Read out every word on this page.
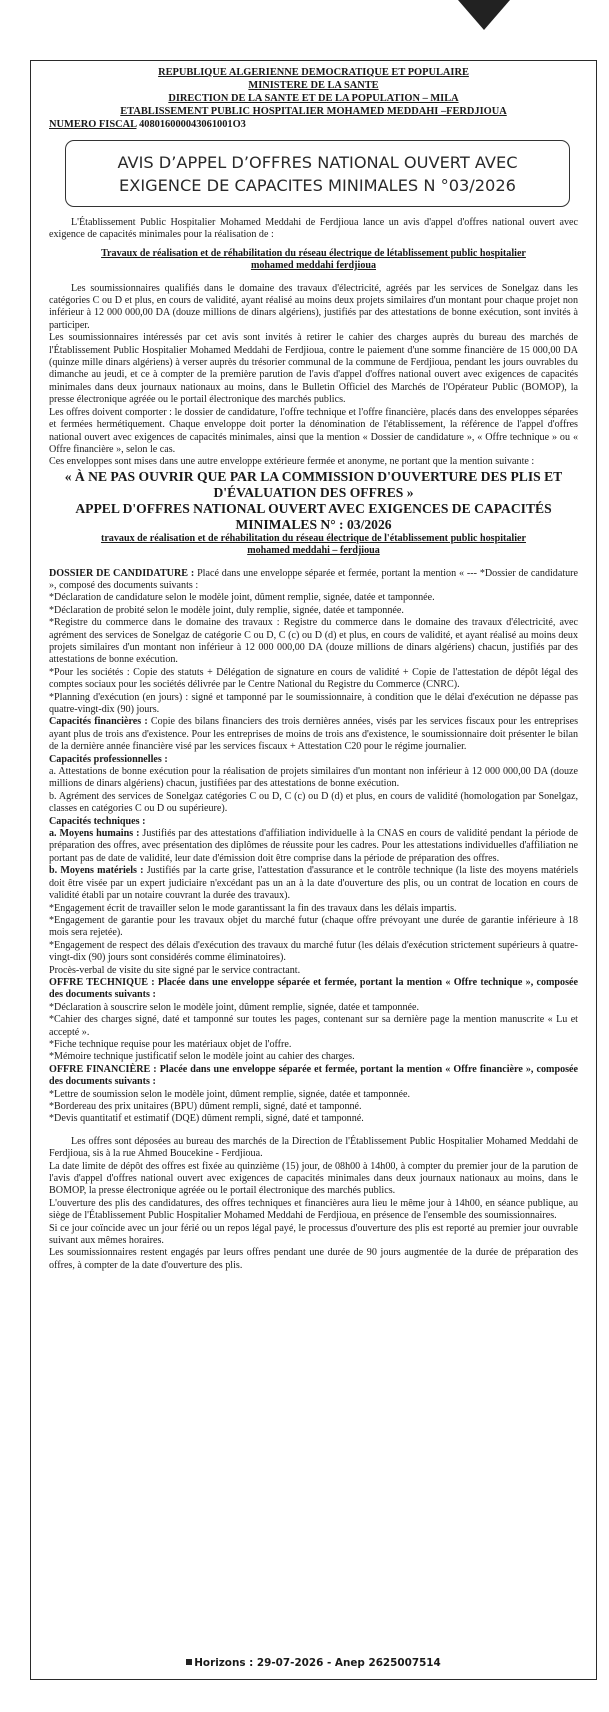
REPUBLIQUE ALGERIENNE DEMOCRATIQUE ET POPULAIRE
MINISTERE DE LA SANTE
DIRECTION DE LA SANTE ET DE LA POPULATION – MILA
ETABLISSEMENT PUBLIC HOSPITALIER MOHAMED MEDDAHI –FERDJIOUA
NUMERO FISCAL 408016000043061001O3
AVIS D’APPEL D’OFFRES NATIONAL OUVERT AVEC
EXIGENCE DE CAPACITES MINIMALES N °03/2026

L'Établissement Public Hospitalier Mohamed Meddahi de Ferdjioua lance un avis d'appel d'offres national ouvert avec exigence de capacités minimales pour la réalisation de :

Travaux de réalisation et de réhabilitation du réseau électrique de létablissement public hospitalier

mohamed meddahi ferdjioua

Les soumissionnaires qualifiés dans le domaine des travaux d'électricité, agréés par les services de Sonelgaz dans les catégories C ou D et plus, en cours de validité, ayant réalisé au moins deux projets similaires d'un montant pour chaque projet non inférieur à 12 000 000,00 DA (douze millions de dinars algériens), justifiés par des attestations de bonne exécution, sont invités à participer.

Les soumissionnaires intéressés par cet avis sont invités à retirer le cahier des charges auprès du bureau des marchés de l'Établissement Public Hospitalier Mohamed Meddahi de Ferdjioua, contre le paiement d'une somme financière de 15 000,00 DA (quinze mille dinars algériens) à verser auprès du trésorier communal de la commune de Ferdjioua, pendant les jours ouvrables du dimanche au jeudi, et ce à compter de la première parution de l'avis d'appel d'offres national ouvert avec exigences de capacités minimales dans deux journaux nationaux au moins, dans le Bulletin Officiel des Marchés de l'Opérateur Public (BOMOP), la presse électronique agréée ou le portail électronique des marchés publics.

Les offres doivent comporter : le dossier de candidature, l'offre technique et l'offre financière, placés dans des enveloppes séparées et fermées hermétiquement. Chaque enveloppe doit porter la dénomination de l'établissement, la référence de l'appel d'offres national ouvert avec exigences de capacités minimales, ainsi que la mention « Dossier de candidature », « Offre technique » ou « Offre financière », selon le cas.

Ces enveloppes sont mises dans une autre enveloppe extérieure fermée et anonyme, ne portant que la mention suivante :

« À NE PAS OUVRIR QUE PAR LA COMMISSION D'OUVERTURE DES PLIS ET D'ÉVALUATION DES OFFRES »

APPEL D'OFFRES NATIONAL OUVERT AVEC EXIGENCES DE CAPACITÉS MINIMALES N° : 03/2026

travaux de réalisation et de réhabilitation du réseau électrique de l'établissement public hospitalier

mohamed meddahi – ferdjioua

DOSSIER DE CANDIDATURE : Placé dans une enveloppe séparée et fermée, portant la mention « --- *Dossier de candidature », composé des documents suivants :

*Déclaration de candidature selon le modèle joint, dûment remplie, signée, datée et tamponnée.

*Déclaration de probité selon le modèle joint, duly remplie, signée, datée et tamponnée.

*Registre du commerce dans le domaine des travaux : Registre du commerce dans le domaine des travaux d'électricité, avec agrément des services de Sonelgaz de catégorie C ou D, C (c) ou D (d) et plus, en cours de validité, et ayant réalisé au moins deux projets similaires d'un montant non inférieur à 12 000 000,00 DA (douze millions de dinars algériens) chacun, justifiés par des attestations de bonne exécution.

*Pour les sociétés : Copie des statuts + Délégation de signature en cours de validité + Copie de l'attestation de dépôt légal des comptes sociaux pour les sociétés délivrée par le Centre National du Registre du Commerce (CNRC).

*Planning d'exécution (en jours) : signé et tamponné par le soumissionnaire, à condition que le délai d'exécution ne dépasse pas quatre-vingt-dix (90) jours.

Capacités financières : Copie des bilans financiers des trois dernières années, visés par les services fiscaux pour les entreprises ayant plus de trois ans d'existence. Pour les entreprises de moins de trois ans d'existence, le soumissionnaire doit présenter le bilan de la dernière année financière visé par les services fiscaux + Attestation C20 pour le régime journalier.

Capacités professionnelles :

a. Attestations de bonne exécution pour la réalisation de projets similaires d'un montant non inférieur à 12 000 000,00 DA (douze millions de dinars algériens) chacun, justifiées par des attestations de bonne exécution.

b. Agrément des services de Sonelgaz catégories C ou D, C (c) ou D (d) et plus, en cours de validité (homologation par Sonelgaz, classes en catégories C ou D ou supérieure).

Capacités techniques :

a. Moyens humains : Justifiés par des attestations d'affiliation individuelle à la CNAS en cours de validité pendant la période de préparation des offres, avec présentation des diplômes de réussite pour les cadres. Pour les attestations individuelles d'affiliation ne portant pas de date de validité, leur date d'émission doit être comprise dans la période de préparation des offres.

b. Moyens matériels : Justifiés par la carte grise, l'attestation d'assurance et le contrôle technique (la liste des moyens matériels doit être visée par un expert judiciaire n'excédant pas un an à la date d'ouverture des plis, ou un contrat de location en cours de validité établi par un notaire couvrant la durée des travaux).

*Engagement écrit de travailler selon le mode garantissant la fin des travaux dans les délais impartis.

*Engagement de garantie pour les travaux objet du marché futur (chaque offre prévoyant une durée de garantie inférieure à 18 mois sera rejetée).

*Engagement de respect des délais d'exécution des travaux du marché futur (les délais d'exécution strictement supérieurs à quatre-vingt-dix (90) jours sont considérés comme éliminatoires).

Procès-verbal de visite du site signé par le service contractant.

OFFRE TECHNIQUE : Placée dans une enveloppe séparée et fermée, portant la mention « Offre technique », composée des documents suivants :

*Déclaration à souscrire selon le modèle joint, dûment remplie, signée, datée et tamponnée.

*Cahier des charges signé, daté et tamponné sur toutes les pages, contenant sur sa dernière page la mention manuscrite « Lu et accepté ».

*Fiche technique requise pour les matériaux objet de l'offre.

*Mémoire technique justificatif selon le modèle joint au cahier des charges.

OFFRE FINANCIÈRE : Placée dans une enveloppe séparée et fermée, portant la mention « Offre financière », composée des documents suivants :

*Lettre de soumission selon le modèle joint, dûment remplie, signée, datée et tamponnée.

*Bordereau des prix unitaires (BPU) dûment rempli, signé, daté et tamponné.

*Devis quantitatif et estimatif (DQE) dûment rempli, signé, daté et tamponné.

Les offres sont déposées au bureau des marchés de la Direction de l'Établissement Public Hospitalier Mohamed Meddahi de Ferdjioua, sis à la rue Ahmed Boucekine - Ferdjioua.

La date limite de dépôt des offres est fixée au quinzième (15) jour, de 08h00 à 14h00, à compter du premier jour de la parution de l'avis d'appel d'offres national ouvert avec exigences de capacités minimales dans deux journaux nationaux au moins, dans le BOMOP, la presse électronique agréée ou le portail électronique des marchés publics.

L'ouverture des plis des candidatures, des offres techniques et financières aura lieu le même jour à 14h00, en séance publique, au siège de l'Établissement Public Hospitalier Mohamed Meddahi de Ferdjioua, en présence de l'ensemble des soumissionnaires.

Si ce jour coïncide avec un jour férié ou un repos légal payé, le processus d'ouverture des plis est reporté au premier jour ouvrable suivant aux mêmes horaires.

Les soumissionnaires restent engagés par leurs offres pendant une durée de 90 jours augmentée de la durée de préparation des offres, à compter de la date d'ouverture des plis.

Horizons : 29-07-2026 - Anep 2625007514
